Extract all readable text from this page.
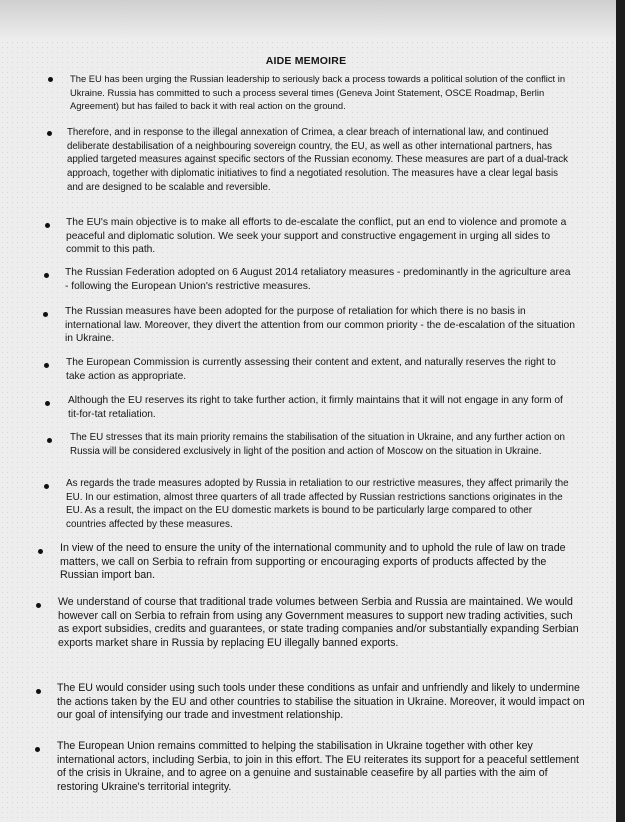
AIDE MEMOIRE
The EU has been urging the Russian leadership to seriously back a process towards a political solution of the conflict in Ukraine. Russia has committed to such a process several times (Geneva Joint Statement, OSCE Roadmap, Berlin Agreement) but has failed to back it with real action on the ground.
Therefore, and in response to the illegal annexation of Crimea, a clear breach of international law, and continued deliberate destabilisation of a neighbouring sovereign country, the EU, as well as other international partners, has applied targeted measures against specific sectors of the Russian economy. These measures are part of a dual-track approach, together with diplomatic initiatives to find a negotiated resolution. The measures have a clear legal basis and are designed to be scalable and reversible.
The EU's main objective is to make all efforts to de-escalate the conflict, put an end to violence and promote a peaceful and diplomatic solution. We seek your support and constructive engagement in urging all sides to commit to this path.
The Russian Federation adopted on 6 August 2014 retaliatory measures - predominantly in the agriculture area - following the European Union's restrictive measures.
The Russian measures have been adopted for the purpose of retaliation for which there is no basis in international law. Moreover, they divert the attention from our common priority - the de-escalation of the situation in Ukraine.
The European Commission is currently assessing their content and extent, and naturally reserves the right to take action as appropriate.
Although the EU reserves its right to take further action, it firmly maintains that it will not engage in any form of tit-for-tat retaliation.
The EU stresses that its main priority remains the stabilisation of the situation in Ukraine, and any further action on Russia will be considered exclusively in light of the position and action of Moscow on the situation in Ukraine.
As regards the trade measures adopted by Russia in retaliation to our restrictive measures, they affect primarily the EU. In our estimation, almost three quarters of all trade affected by Russian restrictions sanctions originates in the EU. As a result, the impact on the EU domestic markets is bound to be particularly large compared to other countries affected by these measures.
In view of the need to ensure the unity of the international community and to uphold the rule of law on trade matters, we call on Serbia to refrain from supporting or encouraging exports of products affected by the Russian import ban.
We understand of course that traditional trade volumes between Serbia and Russia are maintained. We would however call on Serbia to refrain from using any Government measures to support new trading activities, such as export subsidies, credits and guarantees, or state trading companies and/or substantially expanding Serbian exports market share in Russia by replacing EU illegally banned exports.
The EU would consider using such tools under these conditions as unfair and unfriendly and likely to undermine the actions taken by the EU and other countries to stabilise the situation in Ukraine. Moreover, it would impact on our goal of intensifying our trade and investment relationship.
The European Union remains committed to helping the stabilisation in Ukraine together with other key international actors, including Serbia, to join in this effort. The EU reiterates its support for a peaceful settlement of the crisis in Ukraine, and to agree on a genuine and sustainable ceasefire by all parties with the aim of restoring Ukraine's territorial integrity.
